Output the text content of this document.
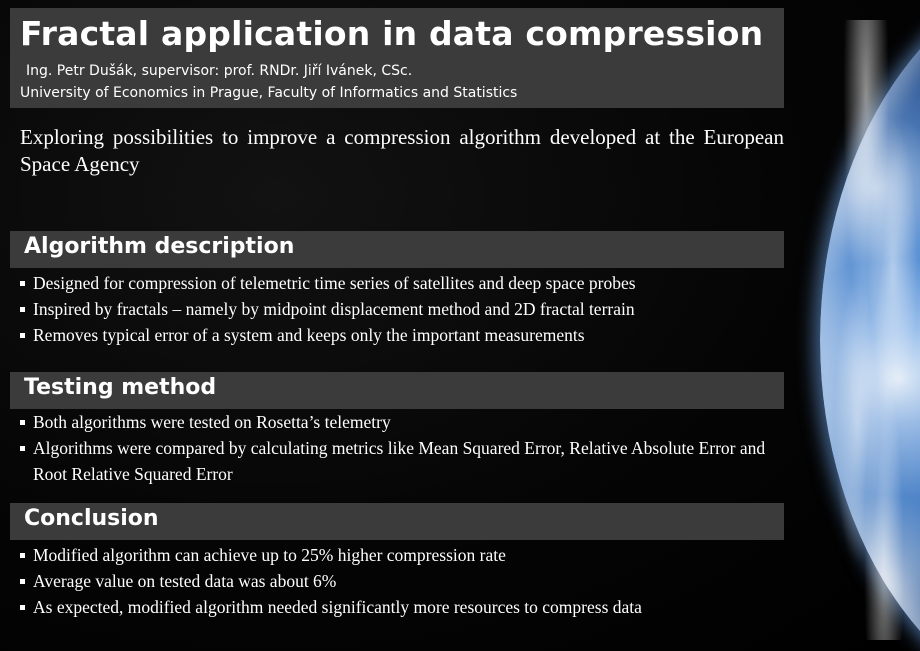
Fractal application in data compression
Ing. Petr Dušák, supervisor: prof. RNDr. Jiří Ivánek, CSc.
University of Economics in Prague, Faculty of Informatics and Statistics

Exploring possibilities to improve a compression algorithm developed at the European Space Agency

Algorithm description
Designed for compression of telemetric time series of satellites and deep space probes
Inspired by fractals – namely by midpoint displacement method and 2D fractal terrain
Removes typical error of a system and keeps only the important measurements
Testing method
Both algorithms were tested on Rosetta’s telemetry
Algorithms were compared by calculating metrics like Mean Squared Error, Relative Absolute Error and Root Relative Squared Error
Conclusion
Modified algorithm can achieve up to 25% higher compression rate
Average value on tested data was about 6%
As expected, modified algorithm needed significantly more resources to compress data
